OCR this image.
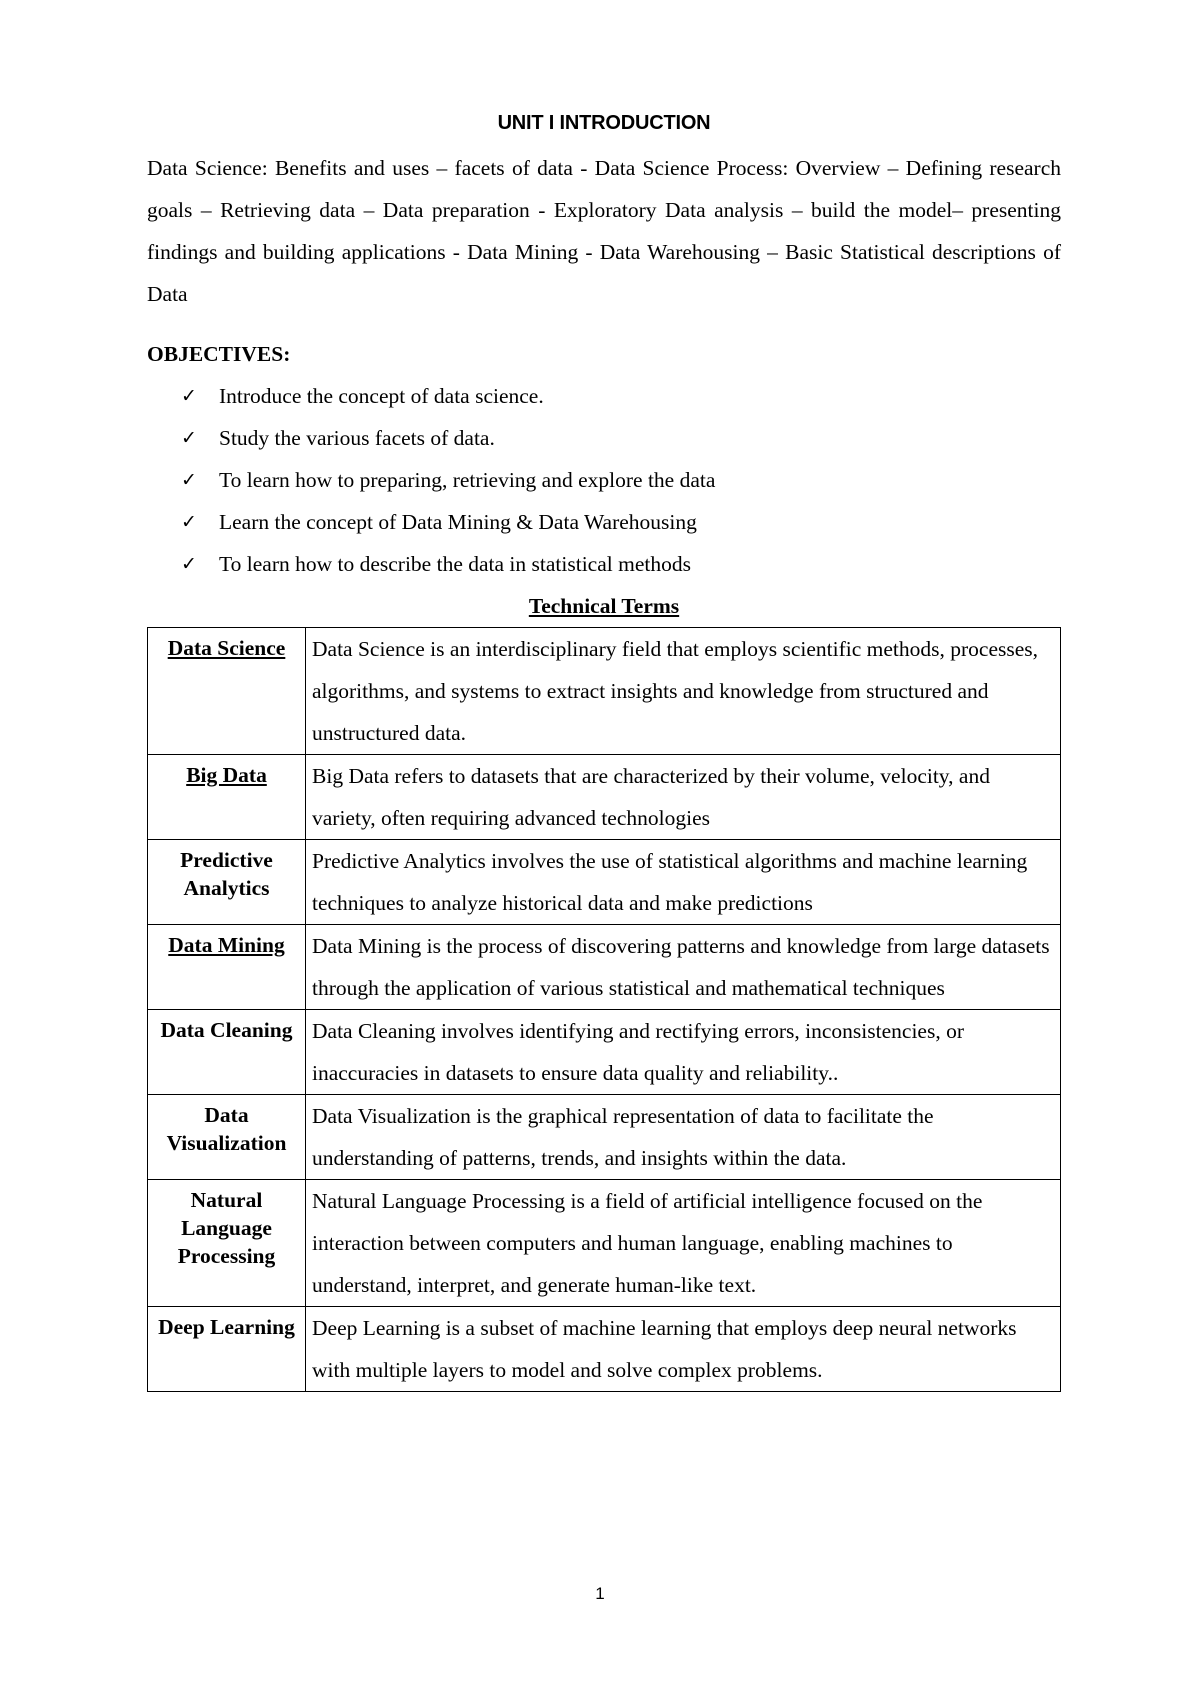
UNIT I INTRODUCTION

Data Science: Benefits and uses – facets of data - Data Science Process: Overview – Defining research goals – Retrieving data – Data preparation - Exploratory Data analysis – build the model– presenting findings and building applications - Data Mining - Data Warehousing – Basic Statistical descriptions of Data

OBJECTIVES:
✓ Introduce the concept of data science.
✓ Study the various facets of data.
✓ To learn how to preparing, retrieving and explore the data
✓ Learn the concept of Data Mining & Data Warehousing
✓ To learn how to describe the data in statistical methods
Technical Terms
Data Science	Data Science is an interdisciplinary field that employs scientific methods, processes, algorithms, and systems to extract insights and knowledge from structured and unstructured data.
Big Data	Big Data refers to datasets that are characterized by their volume, velocity, and variety, often requiring advanced technologies
Predictive Analytics	Predictive Analytics involves the use of statistical algorithms and machine learning techniques to analyze historical data and make predictions
Data Mining	Data Mining is the process of discovering patterns and knowledge from large datasets through the application of various statistical and mathematical techniques
Data Cleaning	Data Cleaning involves identifying and rectifying errors, inconsistencies, or inaccuracies in datasets to ensure data quality and reliability..
Data Visualization	Data Visualization is the graphical representation of data to facilitate the understanding of patterns, trends, and insights within the data.
Natural Language Processing	Natural Language Processing is a field of artificial intelligence focused on the interaction between computers and human language, enabling machines to understand, interpret, and generate human-like text.
Deep Learning	Deep Learning is a subset of machine learning that employs deep neural networks with multiple layers to model and solve complex problems.
1
